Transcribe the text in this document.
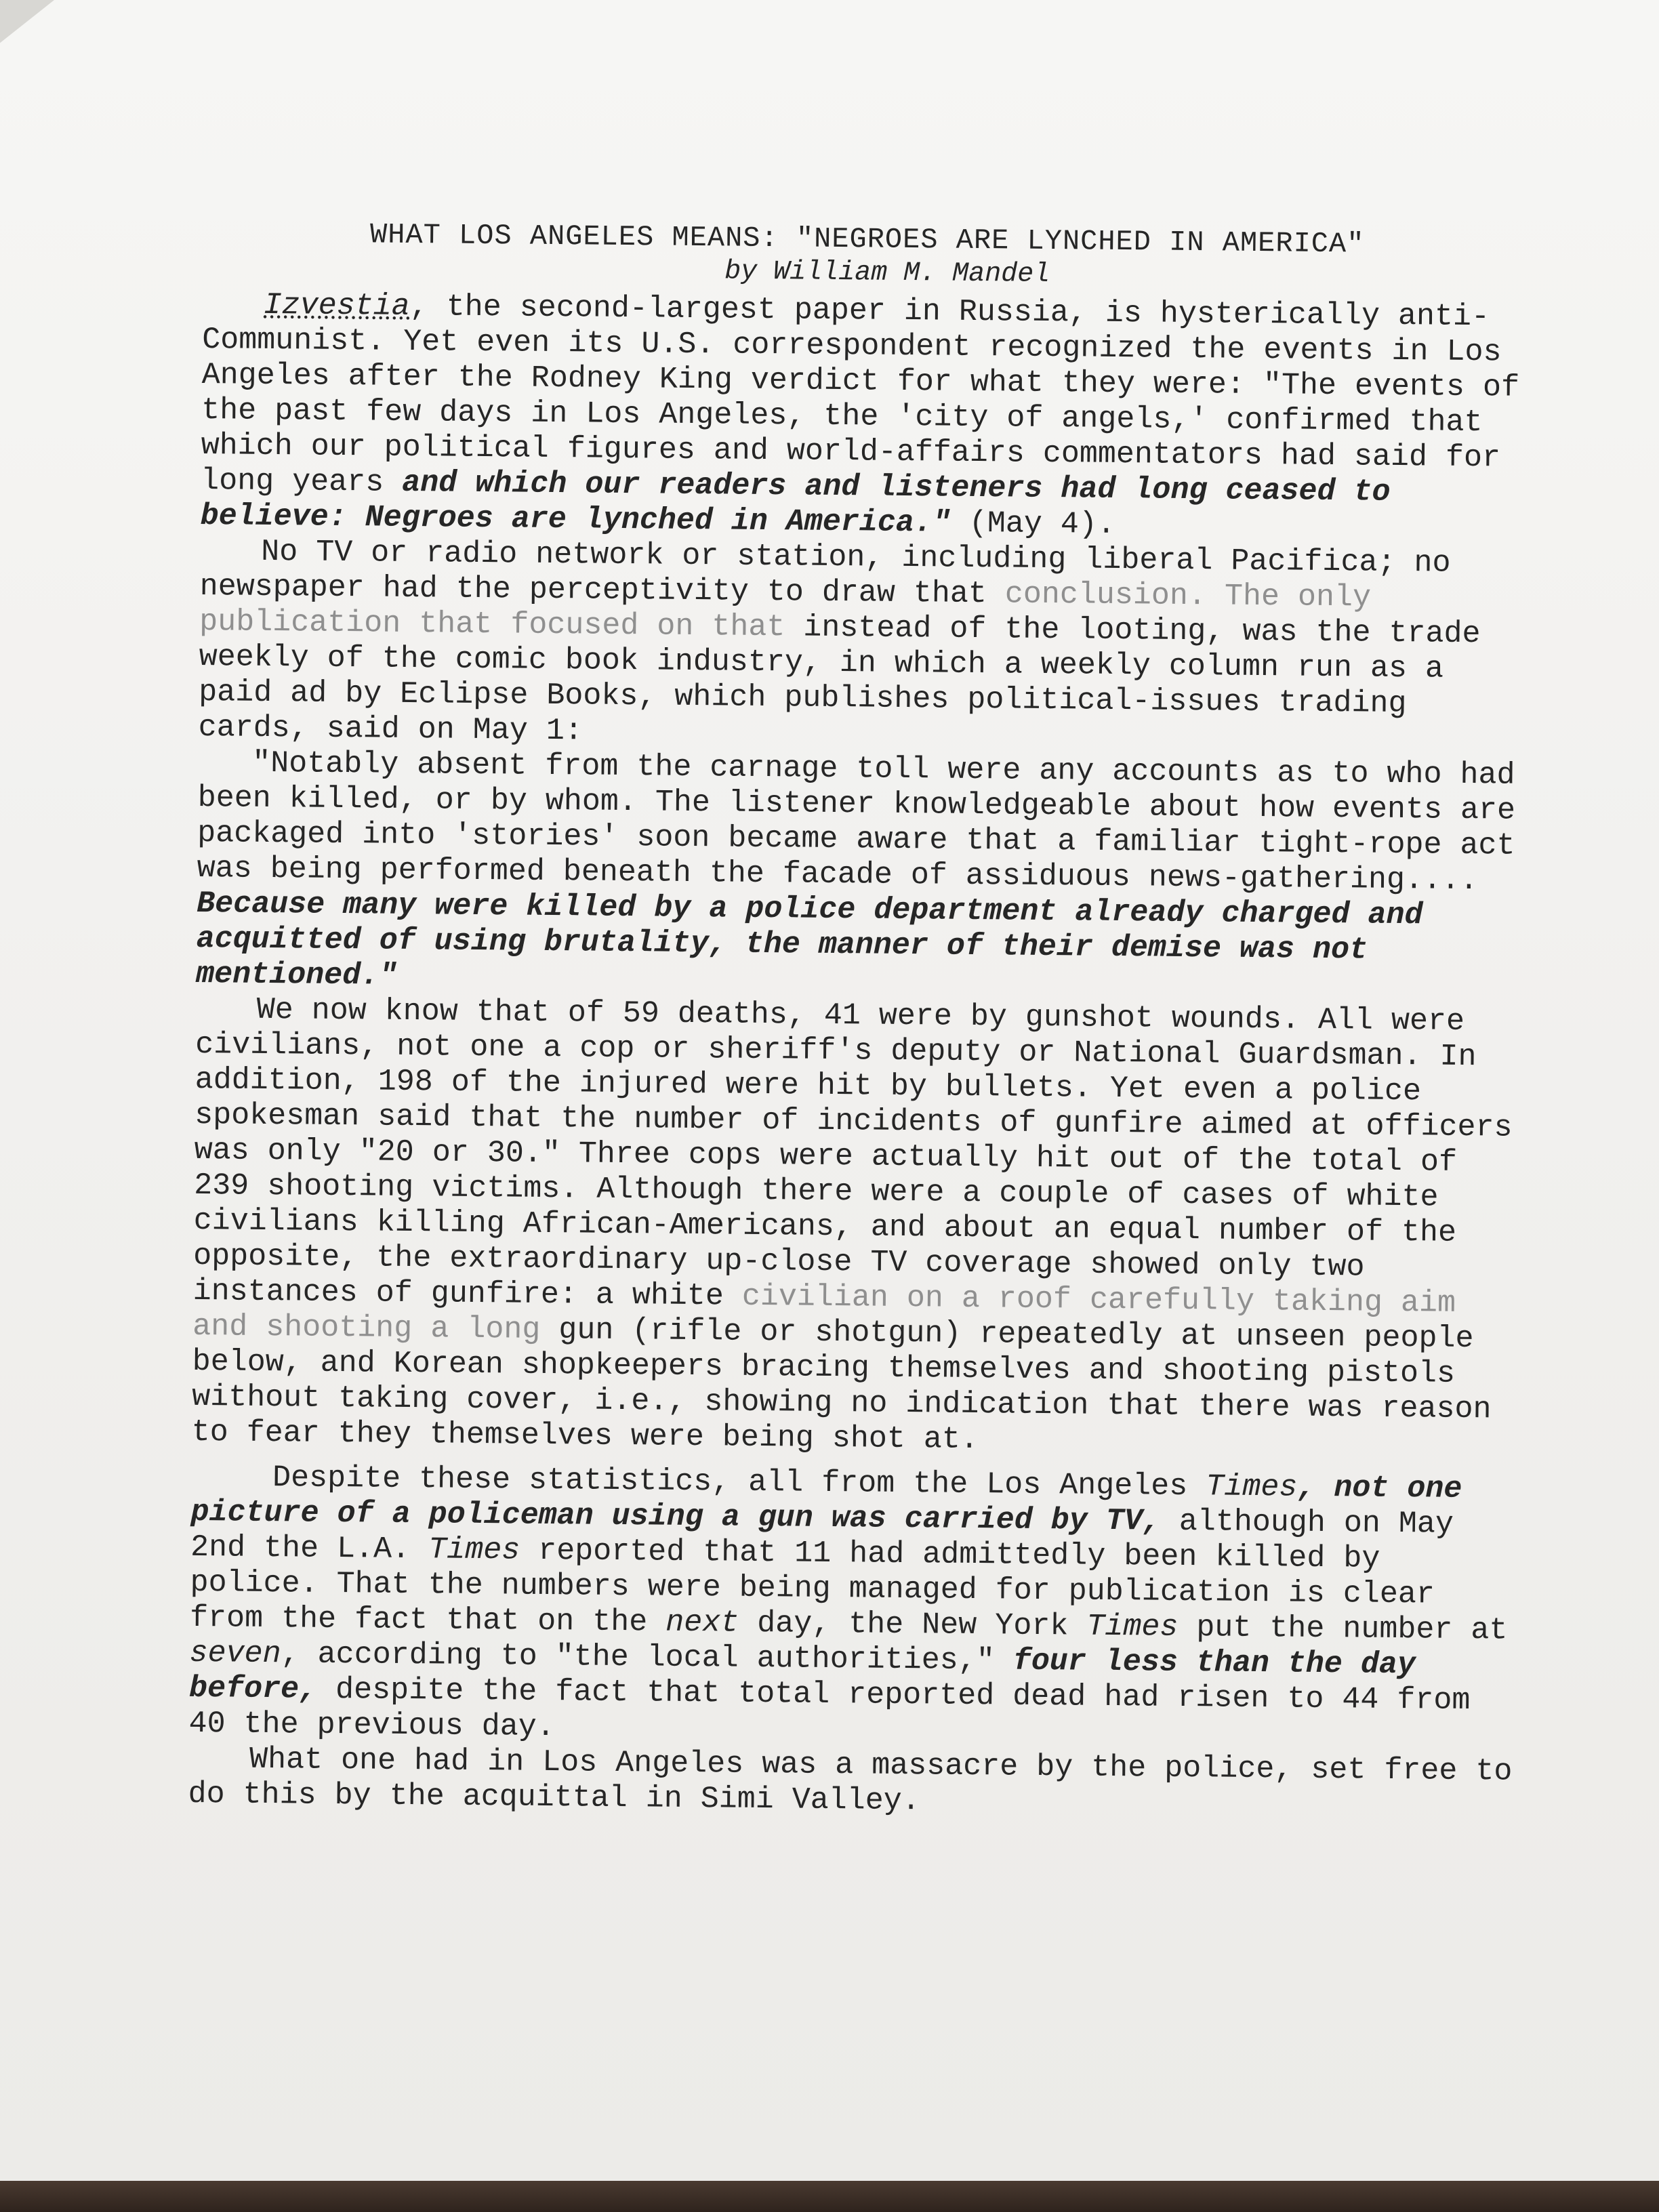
WHAT LOS ANGELES MEANS: "NEGROES ARE LYNCHED IN AMERICA"
by William M. Mandel

Izvestia, the second-largest paper in Russia, is hysterically anti-Communist. Yet even its U.S. correspondent recognized the events in Los Angeles after the Rodney King verdict for what they were: "The events of the past few days in Los Angeles, the 'city of angels,' confirmed that which our political figures and world-affairs commentators had said for long years and which our readers and listeners had long ceased to believe: Negroes are lynched in America." (May 4).

No TV or radio network or station, including liberal Pacifica; no newspaper had the perceptivity to draw that conclusion. The only publication that focused on that instead of the looting, was the trade weekly of the comic book industry, in which a weekly column run as a paid ad by Eclipse Books, which publishes political-issues trading cards, said on May 1:

"Notably absent from the carnage toll were any accounts as to who had been killed, or by whom. The listener knowledgeable about how events are packaged into 'stories' soon became aware that a familiar tight-rope act was being performed beneath the facade of assiduous news-gathering.... Because many were killed by a police department already charged and acquitted of using brutality, the manner of their demise was not mentioned."

We now know that of 59 deaths, 41 were by gunshot wounds. All were civilians, not one a cop or sheriff's deputy or National Guardsman. In addition, 198 of the injured were hit by bullets. Yet even a police spokesman said that the number of incidents of gunfire aimed at officers was only "20 or 30." Three cops were actually hit out of the total of 239 shooting victims. Although there were a couple of cases of white civilians killing African-Americans, and about an equal number of the opposite, the extraordinary up-close TV coverage showed only two instances of gunfire: a white civilian on a roof carefully taking aim and shooting a long gun (rifle or shotgun) repeatedly at unseen people below, and Korean shopkeepers bracing themselves and shooting pistols without taking cover, i.e., showing no indication that there was reason to fear they themselves were being shot at.

Despite these statistics, all from the Los Angeles Times, not one picture of a policeman using a gun was carried by TV, although on May 2nd the L.A. Times reported that 11 had admittedly been killed by police. That the numbers were being managed for publication is clear from the fact that on the next day, the New York Times put the number at seven, according to "the local authorities," four less than the day before, despite the fact that total reported dead had risen to 44 from 40 the previous day.

What one had in Los Angeles was a massacre by the police, set free to do this by the acquittal in Simi Valley.
